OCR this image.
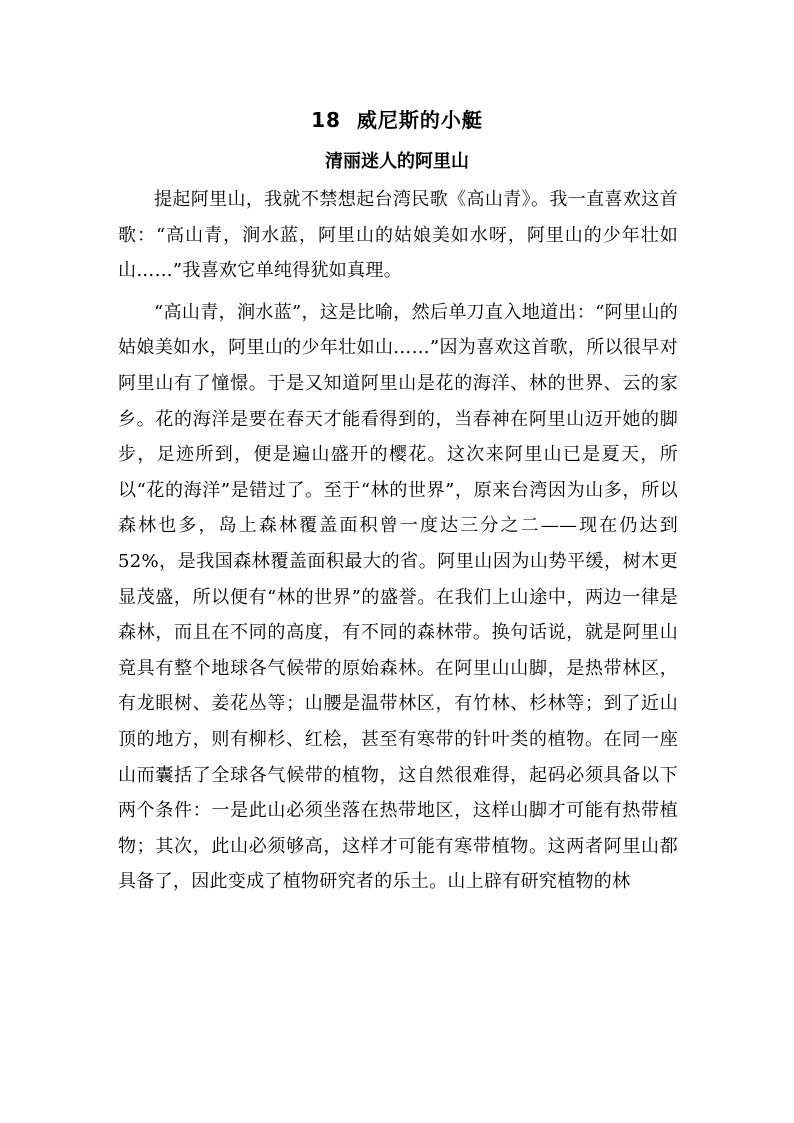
18 威尼斯的小艇
清丽迷人的阿里山

提起阿里山，我就不禁想起台湾民歌《高山青》。我一直喜欢这首歌：“高山青，涧水蓝，阿里山的姑娘美如水呀，阿里山的少年壮如山……”我喜欢它单纯得犹如真理。

“高山青，涧水蓝”，这是比喻，然后单刀直入地道出：“阿里山的姑娘美如水，阿里山的少年壮如山……”因为喜欢这首歌，所以很早对阿里山有了憧憬。于是又知道阿里山是花的海洋、林的世界、云的家乡。花的海洋是要在春天才能看得到的，当春神在阿里山迈开她的脚步，足迹所到，便是遍山盛开的樱花。这次来阿里山已是夏天，所以“花的海洋”是错过了。至于“林的世界”，原来台湾因为山多，所以森林也多，岛上森林覆盖面积曾一度达三分之二——现在仍达到52%，是我国森林覆盖面积最大的省。阿里山因为山势平缓，树木更显茂盛，所以便有“林的世界”的盛誉。在我们上山途中，两边一律是森林，而且在不同的高度，有不同的森林带。换句话说，就是阿里山竟具有整个地球各气候带的原始森林。在阿里山山脚，是热带林区，有龙眼树、姜花丛等；山腰是温带林区，有竹林、杉林等；到了近山顶的地方，则有柳杉、红桧，甚至有寒带的针叶类的植物。在同一座山而囊括了全球各气候带的植物，这自然很难得，起码必须具备以下两个条件：一是此山必须坐落在热带地区，这样山脚才可能有热带植物；其次，此山必须够高，这样才可能有寒带植物。这两者阿里山都具备了，因此变成了植物研究者的乐土。山上辟有研究植物的林
